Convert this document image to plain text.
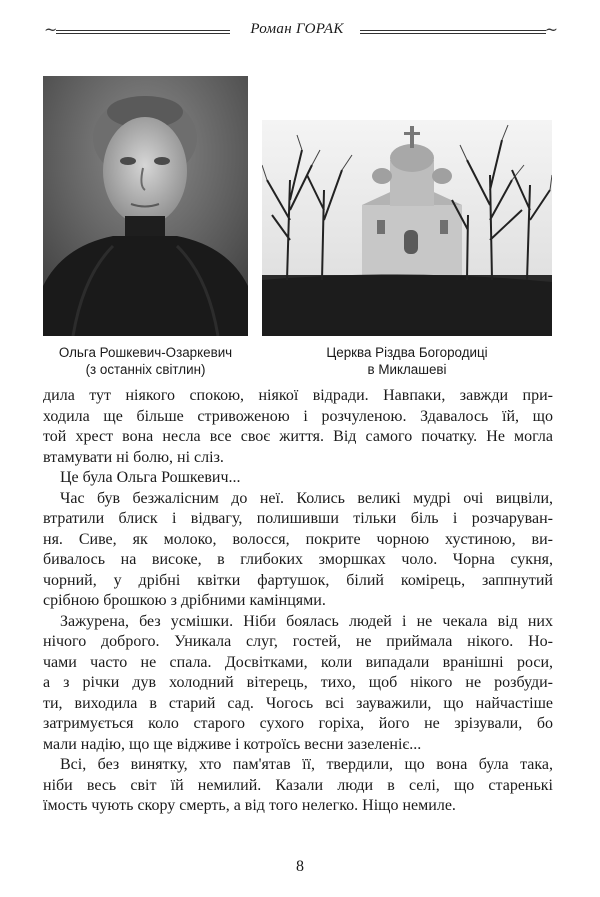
~	Роман ГОРАК	~
Ольга Рошкевич-Озаркевич
(з останніх світлин)
Церква Різдва Богородиці
в Миклашеві

дила тут ніякого спокою, ніякої відради. Навпаки, завжди при-
ходила ще більше стривоженою і розчуленою. Здавалось їй, що
той хрест вона несла все своє життя. Від самого початку. Не могла
втамувати ні болю, ні сліз.

Це була Ольга Рошкевич...

Час був безжалісним до неї. Колись великі мудрі очі вицвіли,
втратили блиск і відвагу, полишивши тільки біль і розчаруван-
ня. Сиве, як молоко, волосся, покрите чорною хустиною, ви-
бивалось на високе, в глибоких зморшках чоло. Чорна сукня,
чорний, у дрібні квітки фартушок, білий комірець, заппнутий
срібною брошкою з дрібними камінцями.

Зажурена, без усмішки. Ніби боялась людей і не чекала від них
нічого доброго. Уникала слуг, гостей, не приймала нікого. Но-
чами часто не спала. Досвітками, коли випадали вранішні роси,
а з річки дув холодний вітерець, тихо, щоб нікого не розбуди-
ти, виходила в старий сад. Чогось всі зауважили, що найчастіше
затримується коло старого сухого горіха, його не зрізували, бо
мали надію, що ще відживе і котроїсь весни зазеленіє...

Всі, без винятку, хто пам'ятав її, твердили, що вона була така,
ніби весь світ їй немилий. Казали люди в селі, що старенькі
їмость чують скору смерть, а від того нелегко. Ніщо немиле.

8
